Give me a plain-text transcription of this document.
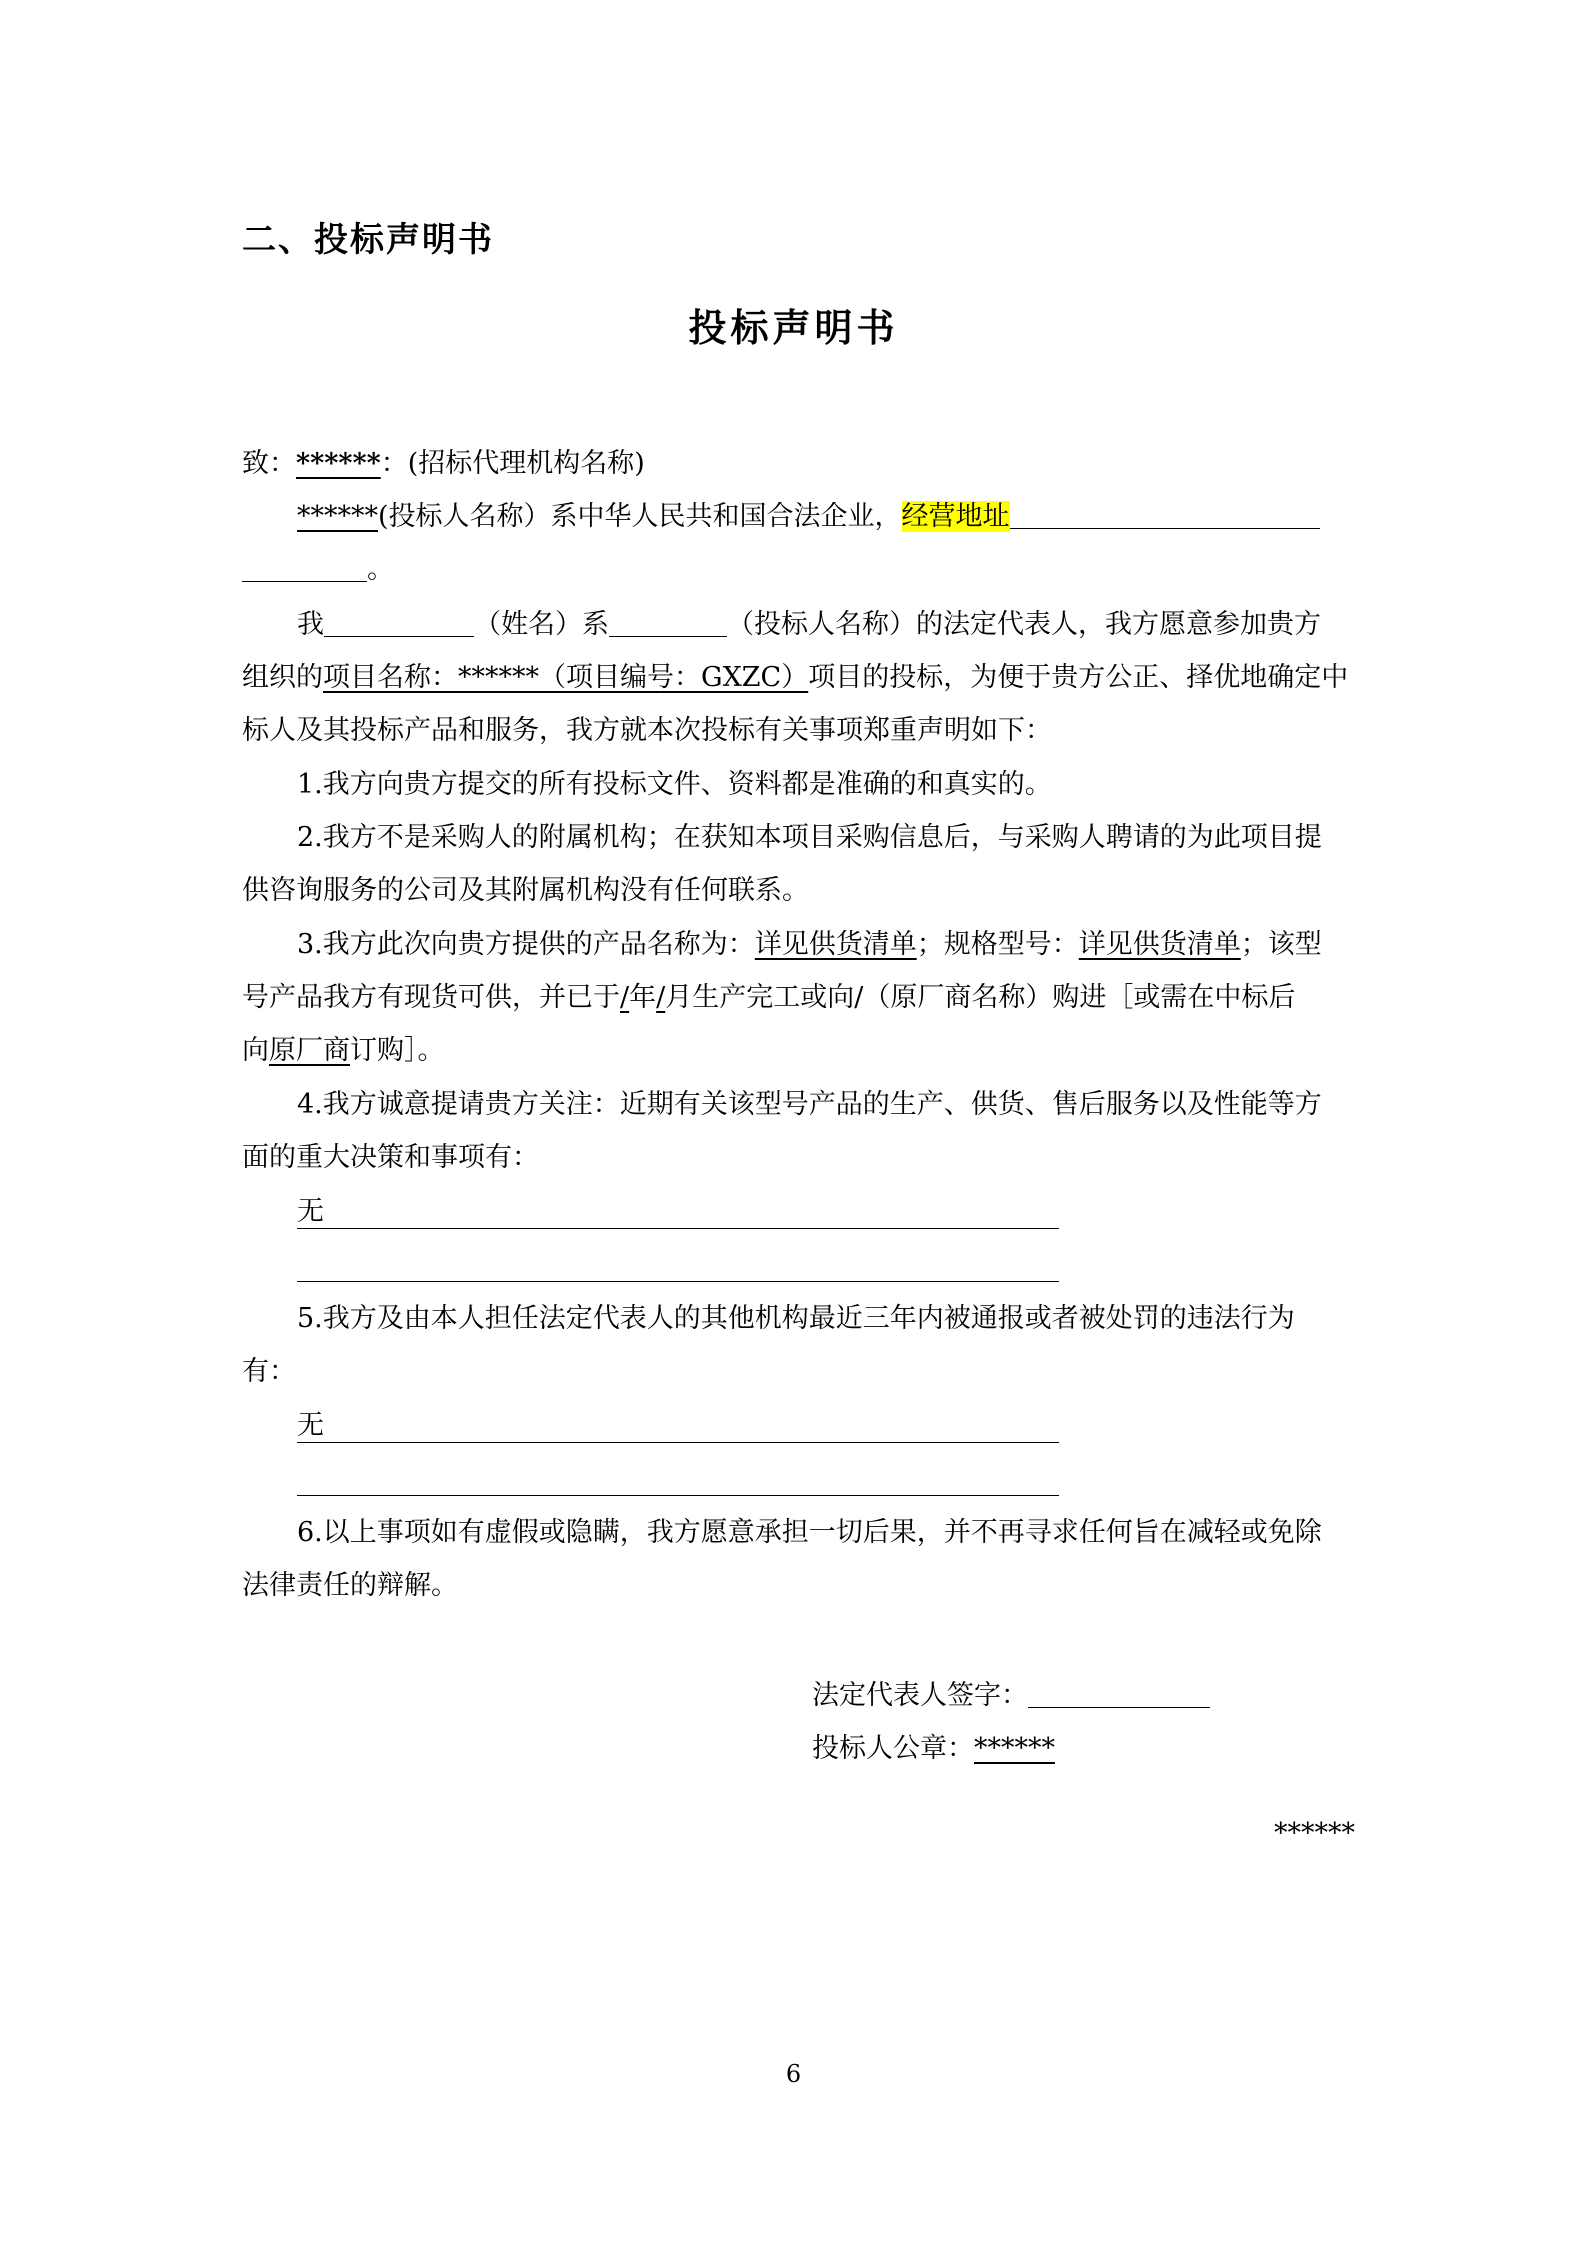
二、投标声明书
投标声明书
致：******：(招标代理机构名称)
******(投标人名称）系中华人民共和国合法企业，经营地址
。
我	（姓名）系	（投标人名称）的法定代表人，我方愿意参加贵方
组织的项目名称：******（项目编号：GXZC）项目的投标，为便于贵方公正、择优地确定中
标人及其投标产品和服务，我方就本次投标有关事项郑重声明如下：
1.我方向贵方提交的所有投标文件、资料都是准确的和真实的。
2.我方不是采购人的附属机构；在获知本项目采购信息后，与采购人聘请的为此项目提
供咨询服务的公司及其附属机构没有任何联系。
3.我方此次向贵方提供的产品名称为：详见供货清单；规格型号：详见供货清单；该型
号产品我方有现货可供，并已于/年/月生产完工或向/（原厂商名称）购进［或需在中标后
向原厂商订购］。
4.我方诚意提请贵方关注：近期有关该型号产品的生产、供货、售后服务以及性能等方
面的重大决策和事项有：
无
5.我方及由本人担任法定代表人的其他机构最近三年内被通报或者被处罚的违法行为
有：
无
6.以上事项如有虚假或隐瞒，我方愿意承担一切后果，并不再寻求任何旨在减轻或免除
法律责任的辩解。
法定代表人签字：
投标人公章：******
******
6
